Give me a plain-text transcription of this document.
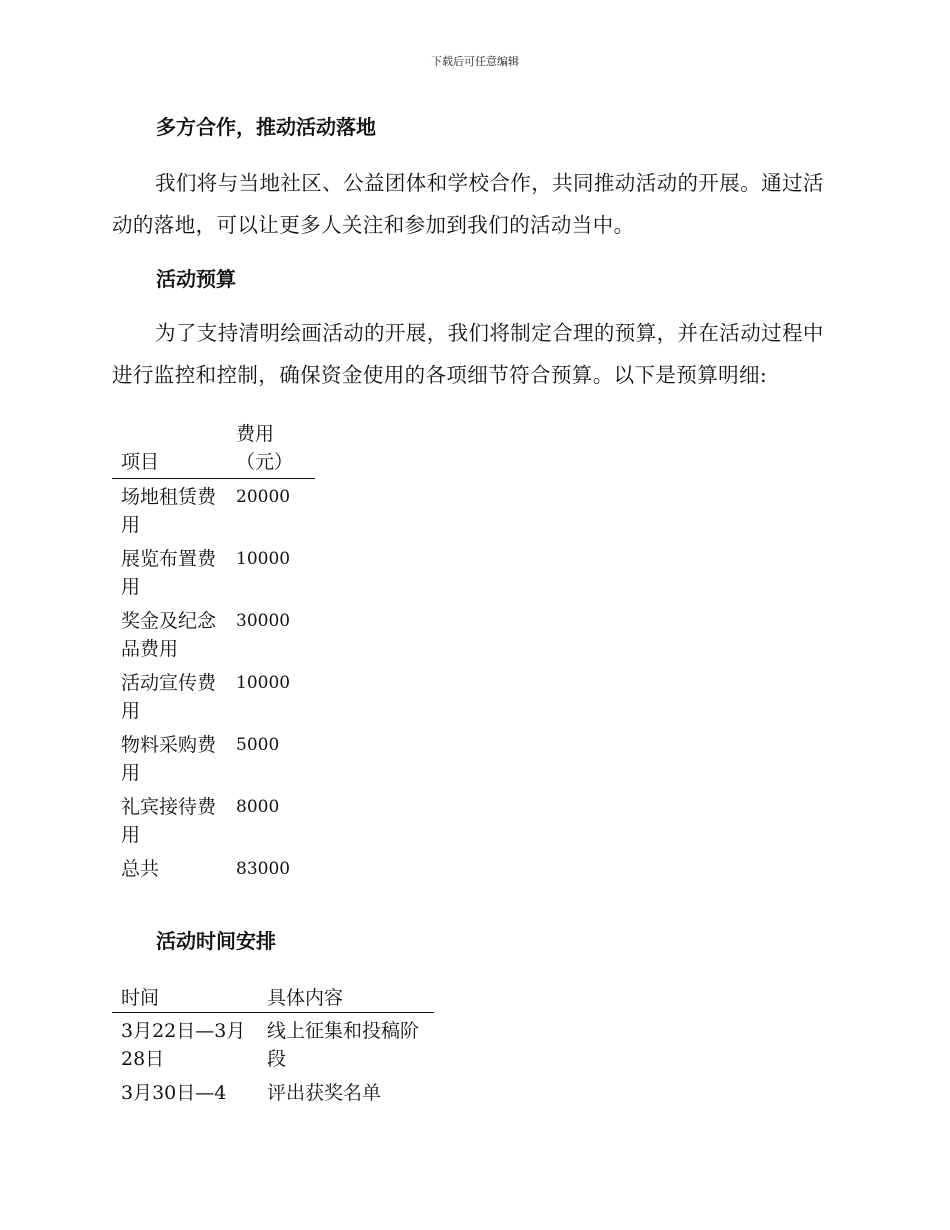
下载后可任意编辑
多方合作，推动活动落地

我们将与当地社区、公益团体和学校合作，共同推动活动的开展。通过活动的落地，可以让更多人关注和参加到我们的活动当中。

活动预算

为了支持清明绘画活动的开展，我们将制定合理的预算，并在活动过程中进行监控和控制，确保资金使用的各项细节符合预算。以下是预算明细:

项目	费用（元）
场地租赁费用	20000
展览布置费用	10000
奖金及纪念品费用	30000
活动宣传费用	10000
物料采购费用	5000
礼宾接待费用	8000
总共	83000
活动时间安排
时间	具体内容
3月22日—3月28日	线上征集和投稿阶段
3月30日—4	评出获奖名单
